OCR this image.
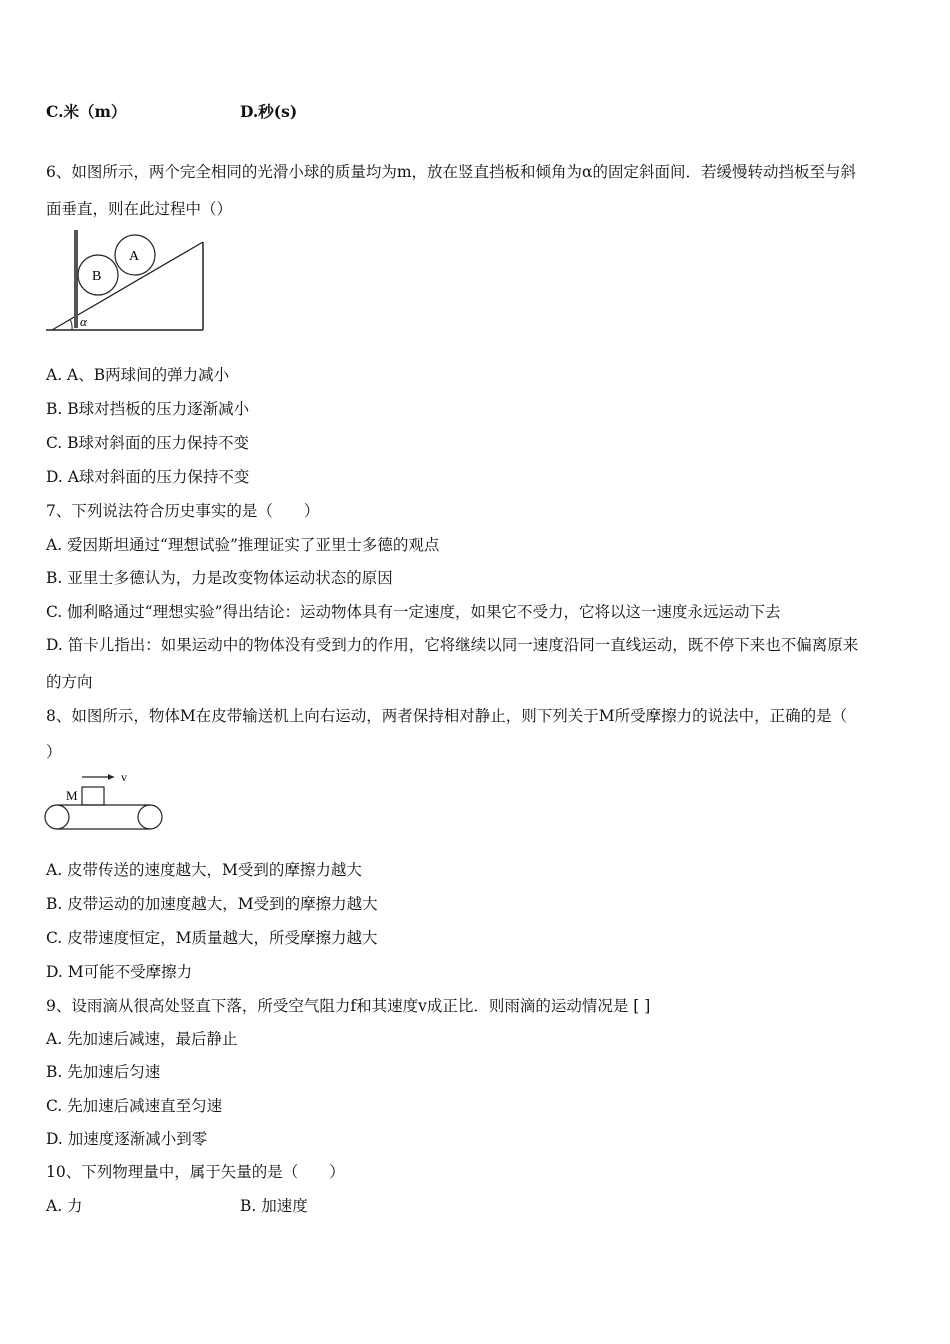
C.米（m）	D.秒(s)
6、如图所示，两个完全相同的光滑小球的质量均为m，放在竖直挡板和倾角为α的固定斜面间．若缓慢转动挡板至与斜
面垂直，则在此过程中（）
B
A
α
A. A、B两球间的弹力减小
B. B球对挡板的压力逐渐减小
C. B球对斜面的压力保持不变
D. A球对斜面的压力保持不变
7、下列说法符合历史事实的是（　　）
A. 爱因斯坦通过“理想试验”推理证实了亚里士多德的观点
B. 亚里士多德认为，力是改变物体运动状态的原因
C. 伽利略通过“理想实验”得出结论：运动物体具有一定速度，如果它不受力，它将以这一速度永远运动下去
D. 笛卡儿指出：如果运动中的物体没有受到力的作用，它将继续以同一速度沿同一直线运动，既不停下来也不偏离原来
的方向
8、如图所示，物体M在皮带输送机上向右运动，两者保持相对静止，则下列关于M所受摩擦力的说法中，正确的是（
）
v
M
A. 皮带传送的速度越大，M受到的摩擦力越大
B. 皮带运动的加速度越大，M受到的摩擦力越大
C. 皮带速度恒定，M质量越大，所受摩擦力越大
D. M可能不受摩擦力
9、设雨滴从很高处竖直下落，所受空气阻力f和其速度v成正比．则雨滴的运动情况是 [ ]
A. 先加速后减速，最后静止
B. 先加速后匀速
C. 先加速后减速直至匀速
D. 加速度逐渐减小到零
10、下列物理量中，属于矢量的是（　　）
A. 力	B. 加速度
